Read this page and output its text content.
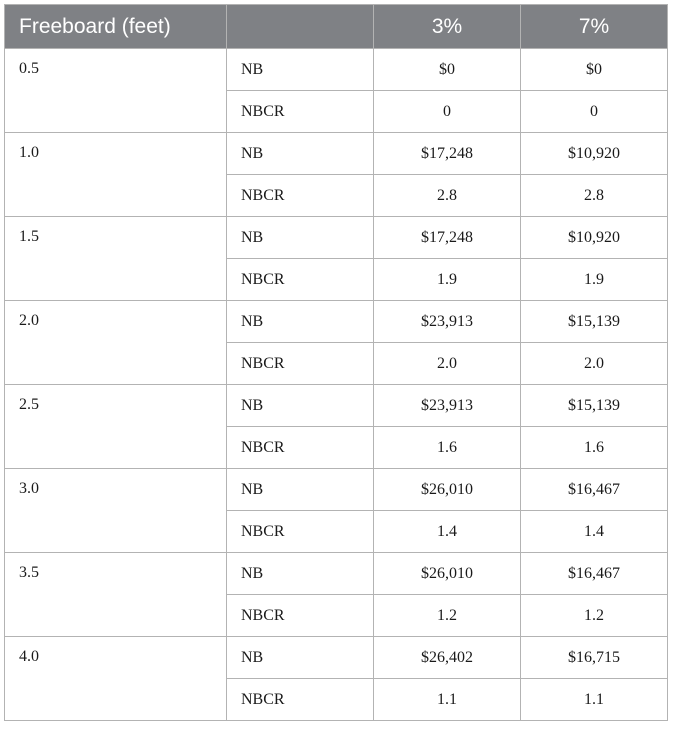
Freeboard (feet)		3%	7%
0.5	NB	$0	$0
	NBCR	0	0
1.0	NB	$17,248	$10,920
	NBCR	2.8	2.8
1.5	NB	$17,248	$10,920
	NBCR	1.9	1.9
2.0	NB	$23,913	$15,139
	NBCR	2.0	2.0
2.5	NB	$23,913	$15,139
	NBCR	1.6	1.6
3.0	NB	$26,010	$16,467
	NBCR	1.4	1.4
3.5	NB	$26,010	$16,467
	NBCR	1.2	1.2
4.0	NB	$26,402	$16,715
	NBCR	1.1	1.1
